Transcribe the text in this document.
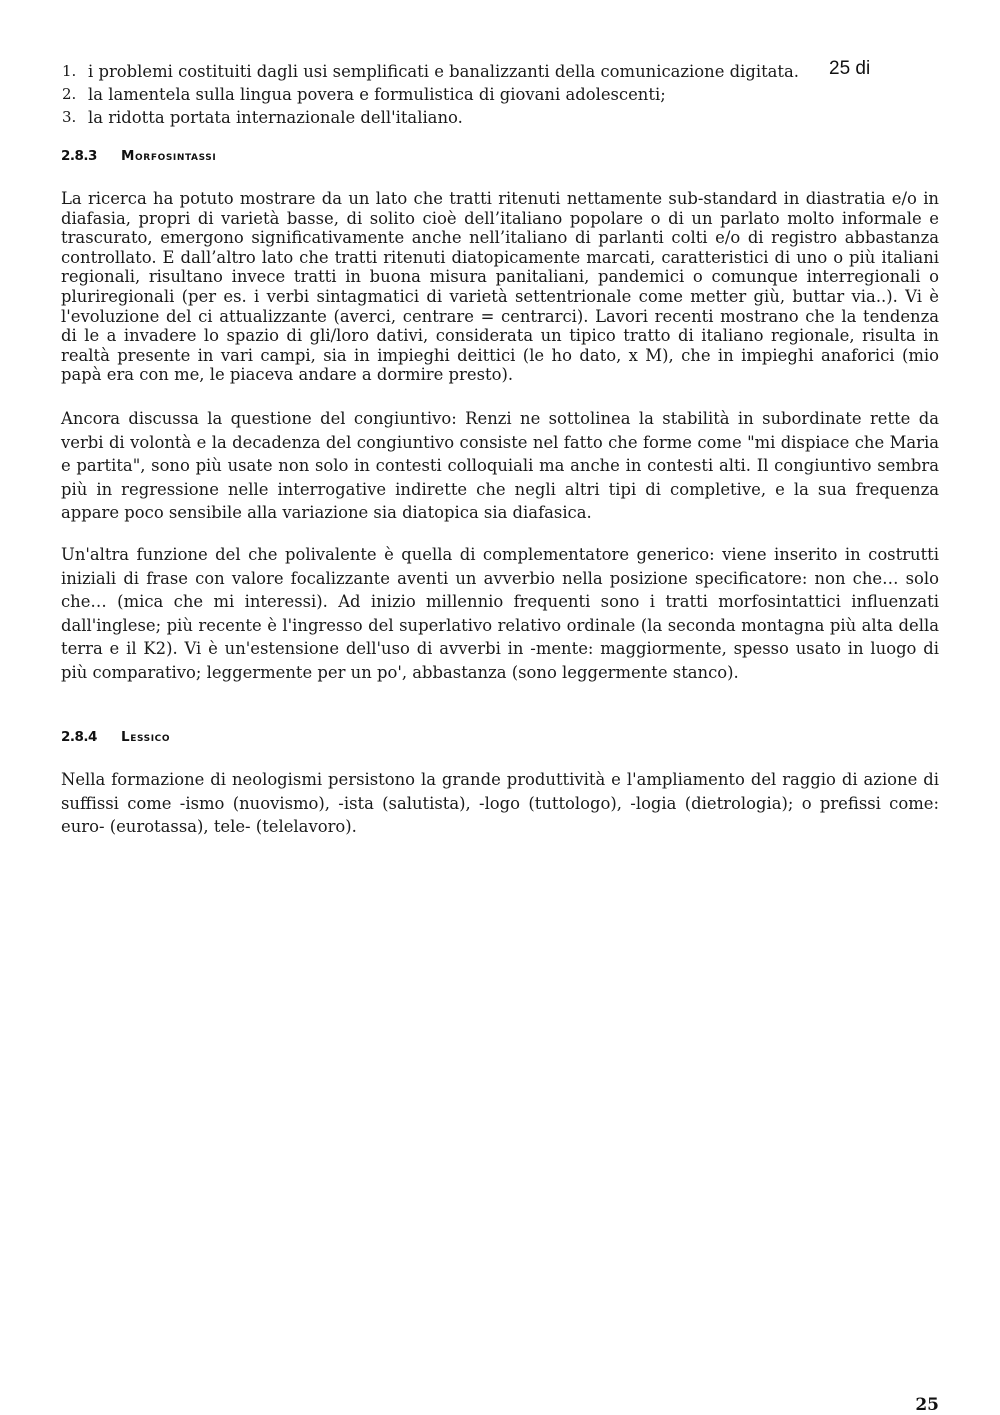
1. i problemi costituiti dagli usi semplificati e banalizzanti della comunicazione digitata.
2. la lamentela sulla lingua povera e formulistica di giovani adolescenti;
3. la ridotta portata internazionale dell'italiano.
25 di
2.8.3	Morfosintassi

La ricerca ha potuto mostrare da un lato che tratti ritenuti nettamente sub-standard in diastratia e/o in diafasia, propri di varietà basse, di solito cioè dell’italiano popolare o di un parlato molto informale e trascurato, emergono significativamente anche nell’italiano di parlanti colti e/o di registro abbastanza controllato. E dall’altro lato che tratti ritenuti diatopicamente marcati, caratteristici di uno o più italiani regionali, risultano invece tratti in buona misura panitaliani, pandemici o comunque interregionali o pluriregionali (per es. i verbi sintagmatici di varietà settentrionale come metter giù, buttar via..). Vi è l'evoluzione del ci attualizzante (averci, centrare = centrarci). Lavori recenti mostrano che la tendenza di le a invadere lo spazio di gli/loro dativi, considerata un tipico tratto di italiano regionale, risulta in realtà presente in vari campi, sia in impieghi deittici (le ho dato, x M), che in impieghi anaforici (mio papà era con me, le piaceva andare a dormire presto).

Ancora discussa la questione del congiuntivo: Renzi ne sottolinea la stabilità in subordinate rette da verbi di volontà e la decadenza del congiuntivo consiste nel fatto che forme come "mi dispiace che Maria e partita", sono più usate non solo in contesti colloquiali ma anche in contesti alti. Il congiuntivo sembra più in regressione nelle interrogative indirette che negli altri tipi di completive, e la sua frequenza appare poco sensibile alla variazione sia diatopica sia diafasica.

Un'altra funzione del che polivalente è quella di complementatore generico: viene inserito in costrutti iniziali di frase con valore focalizzante aventi un avverbio nella posizione specificatore: non che… solo che… (mica che mi interessi). Ad inizio millennio frequenti sono i tratti morfosintattici influenzati dall'inglese; più recente è l'ingresso del superlativo relativo ordinale (la seconda montagna più alta della terra e il K2). Vi è un'estensione dell'uso di avverbi in -mente: maggiormente, spesso usato in luogo di più comparativo; leggermente per un po', abbastanza (sono leggermente stanco).

2.8.4	Lessico

Nella formazione di neologismi persistono la grande produttività e l'ampliamento del raggio di azione di suffissi come -ismo (nuovismo), -ista (salutista), -logo (tuttologo), -logia (dietrologia); o prefissi come: euro- (eurotassa), tele- (telelavoro).

25
